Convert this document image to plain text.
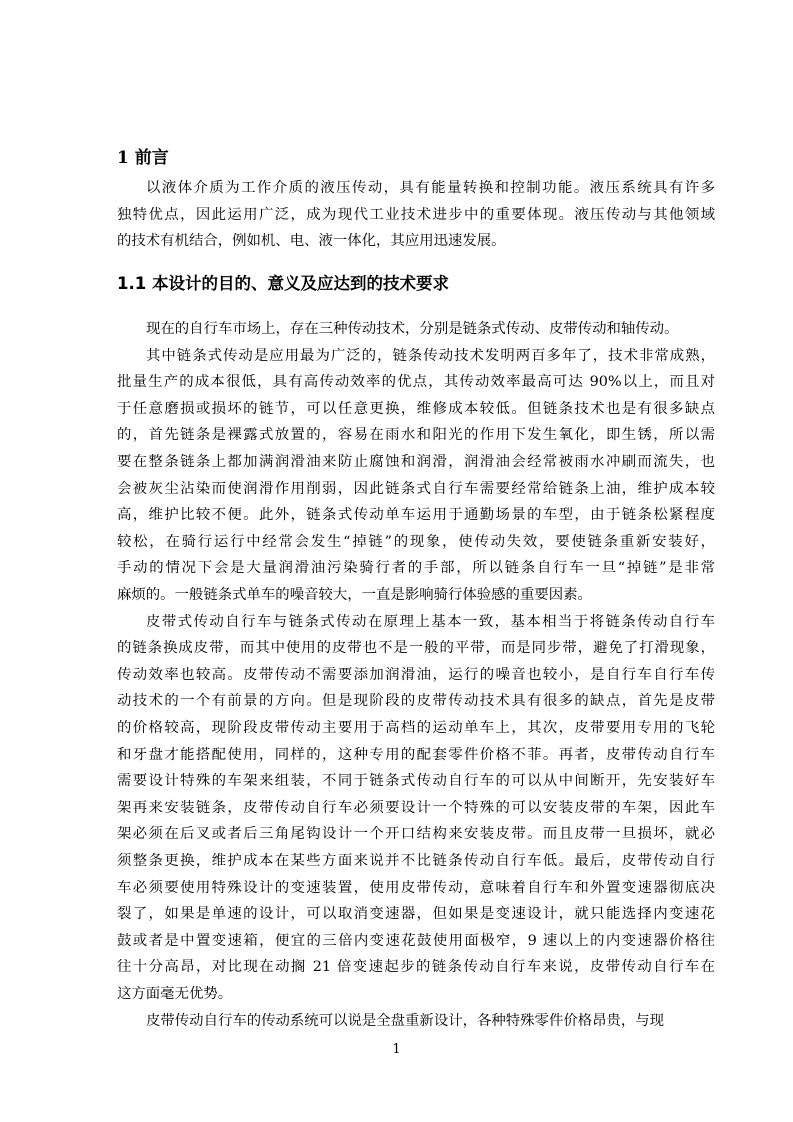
1 前言
以液体介质为工作介质的液压传动，具有能量转换和控制功能。液压系统具有许多
独特优点，因此运用广泛，成为现代工业技术进步中的重要体现。液压传动与其他领域
的技术有机结合，例如机、电、液一体化，其应用迅速发展。
1.1 本设计的目的、意义及应达到的技术要求
现在的自行车市场上，存在三种传动技术，分别是链条式传动、皮带传动和轴传动。
其中链条式传动是应用最为广泛的，链条传动技术发明两百多年了，技术非常成熟，
批量生产的成本很低，具有高传动效率的优点，其传动效率最高可达 90%以上，而且对
于任意磨损或损坏的链节，可以任意更换，维修成本较低。但链条技术也是有很多缺点
的，首先链条是裸露式放置的，容易在雨水和阳光的作用下发生氧化，即生锈，所以需
要在整条链条上都加满润滑油来防止腐蚀和润滑，润滑油会经常被雨水冲刷而流失，也
会被灰尘沾染而使润滑作用削弱，因此链条式自行车需要经常给链条上油，维护成本较
高，维护比较不便。此外，链条式传动单车运用于通勤场景的车型，由于链条松紧程度
较松，在骑行运行中经常会发生“掉链”的现象，使传动失效，要使链条重新安装好，
手动的情况下会是大量润滑油污染骑行者的手部，所以链条自行车一旦“掉链”是非常
麻烦的。一般链条式单车的噪音较大，一直是影响骑行体验感的重要因素。
皮带式传动自行车与链条式传动在原理上基本一致，基本相当于将链条传动自行车
的链条换成皮带，而其中使用的皮带也不是一般的平带，而是同步带，避免了打滑现象，
传动效率也较高。皮带传动不需要添加润滑油，运行的噪音也较小，是自行车自行车传
动技术的一个有前景的方向。但是现阶段的皮带传动技术具有很多的缺点，首先是皮带
的价格较高，现阶段皮带传动主要用于高档的运动单车上，其次，皮带要用专用的飞轮
和牙盘才能搭配使用，同样的，这种专用的配套零件价格不菲。再者，皮带传动自行车
需要设计特殊的车架来组装，不同于链条式传动自行车的可以从中间断开，先安装好车
架再来安装链条，皮带传动自行车必须要设计一个特殊的可以安装皮带的车架，因此车
架必须在后叉或者后三角尾钩设计一个开口结构来安装皮带。而且皮带一旦损坏，就必
须整条更换，维护成本在某些方面来说并不比链条传动自行车低。最后，皮带传动自行
车必须要使用特殊设计的变速装置，使用皮带传动，意味着自行车和外置变速器彻底决
裂了，如果是单速的设计，可以取消变速器，但如果是变速设计，就只能选择内变速花
鼓或者是中置变速箱，便宜的三倍内变速花鼓使用面极窄，9 速以上的内变速器价格往
往十分高昂，对比现在动搁 21 倍变速起步的链条传动自行车来说，皮带传动自行车在
这方面毫无优势。
皮带传动自行车的传动系统可以说是全盘重新设计，各种特殊零件价格昂贵，与现
1
